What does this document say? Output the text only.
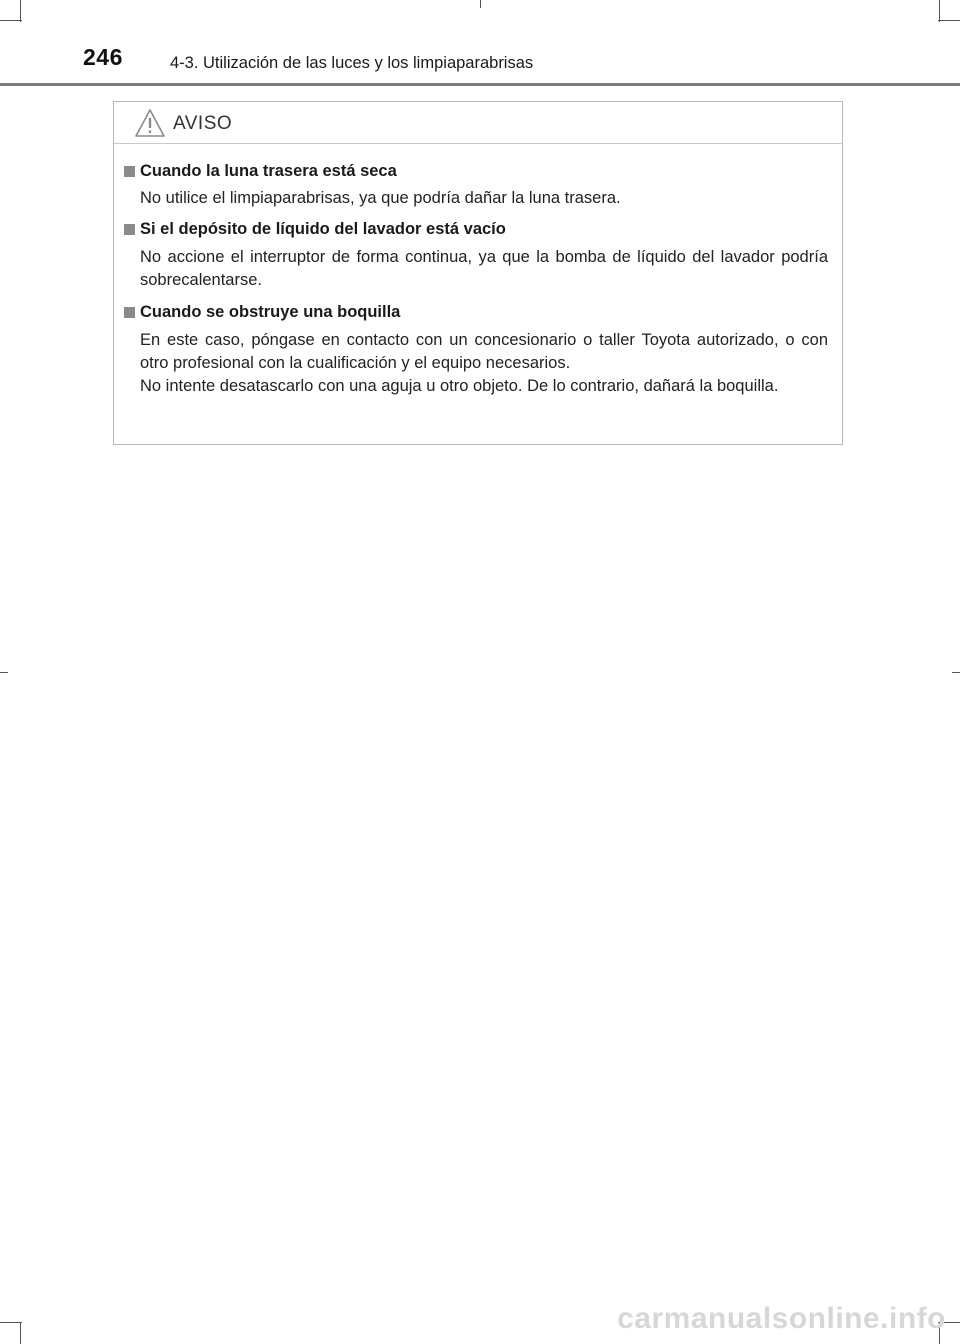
246	4-3. Utilización de las luces y los limpiaparabrisas
AVISO
Cuando la luna trasera está seca
No utilice el limpiaparabrisas, ya que podría dañar la luna trasera.
Si el depósito de líquido del lavador está vacío
No accione el interruptor de forma continua, ya que la bomba de líquido del lavador podría sobrecalentarse.
Cuando se obstruye una boquilla
En este caso, póngase en contacto con un concesionario o taller Toyota autorizado, o con otro profesional con la cualificación y el equipo necesarios.
No intente desatascarlo con una aguja u otro objeto. De lo contrario, dañará la boquilla.
carmanualsonline.info
